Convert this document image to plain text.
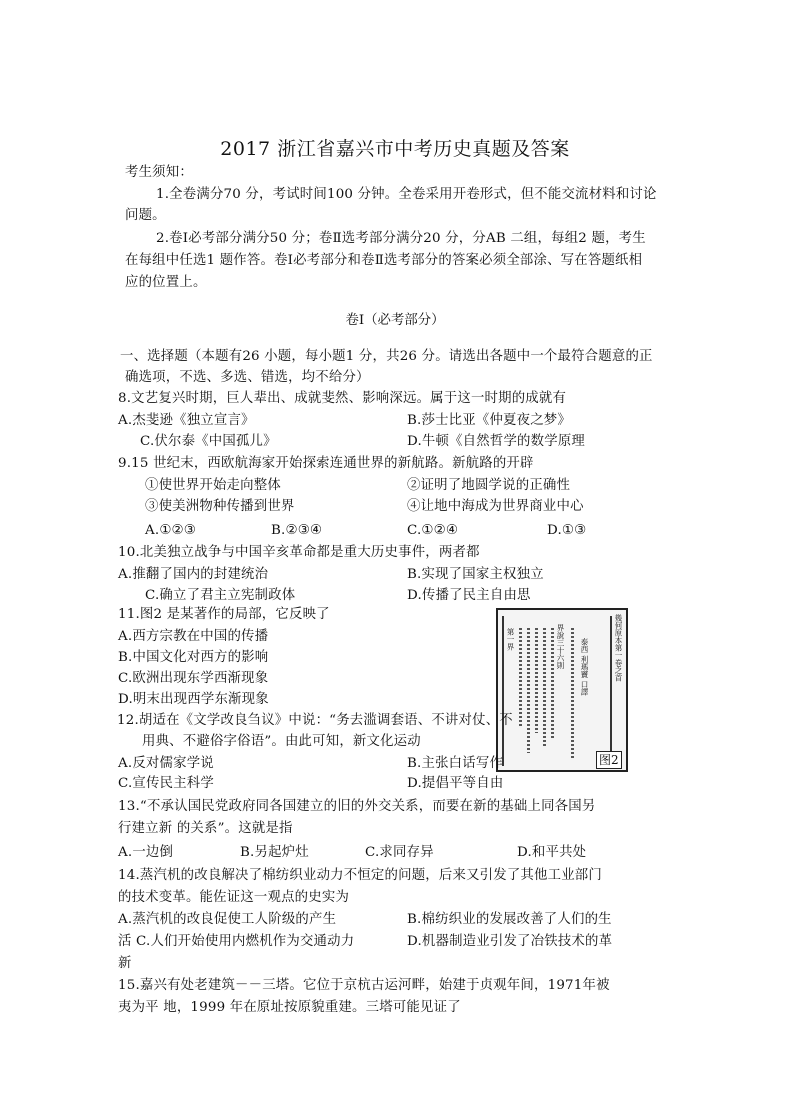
2017 浙江省嘉兴市中考历史真题及答案
考生须知：
1.全卷满分70 分，考试时间100 分钟。全卷采用开卷形式，但不能交流材料和讨论
问题。
2.卷Ⅰ必考部分满分50 分；卷Ⅱ选考部分满分20 分，分AB 二组，每组2 题，考生
在每组中任选1 题作答。卷Ⅰ必考部分和卷Ⅱ选考部分的答案必须全部涂、写在答题纸相
应的位置上。
卷Ⅰ（必考部分）
一、选择题（本题有26 小题，每小题1 分，共26 分。请选出各题中一个最符合题意的正
确选项，不选、多选、错选，均不给分）
8.文艺复兴时期，巨人辈出、成就斐然、影响深远。属于这一时期的成就有
A.杰斐逊《独立宣言》	B.莎士比亚《仲夏夜之梦》
C.伏尔泰《中国孤儿》	D.牛顿《自然哲学的数学原理
9.15 世纪末，西欧航海家开始探索连通世界的新航路。新航路的开辟
①使世界开始走向整体	②证明了地圆学说的正确性
③使美洲物种传播到世界	④让地中海成为世界商业中心
A.①②③	B.②③④	C.①②④	D.①③
10.北美独立战争与中国辛亥革命都是重大历史事件，两者都
A.推翻了国内的封建统治	B.实现了国家主权独立
C.确立了君主立宪制政体	D.传播了民主自由思
11.图2 是某著作的局部，它反映了
A.西方宗教在中国的传播
B.中国文化对西方的影响
C.欧洲出现东学西渐现象
D.明末出现西学东渐现象
幾何原本第一卷之首
泰西 利瑪竇 口譯
界說三十六則
第一界
图2
12.胡适在《文学改良刍议》中说：“务去滥调套语、不讲对仗、不
用典、不避俗字俗语”。由此可知，新文化运动
A.反对儒家学说	B.主张白话写作
C.宣传民主科学	D.提倡平等自由
13.“不承认国民党政府同各国建立的旧的外交关系，而要在新的基础上同各国另
行建立新 的关系”。这就是指
A.一边倒	B.另起炉灶	C.求同存异	D.和平共处
14.蒸汽机的改良解决了棉纺织业动力不恒定的问题，后来又引发了其他工业部门
的技术变革。能佐证这一观点的史实为
A.蒸汽机的改良促使工人阶级的产生	B.棉纺织业的发展改善了人们的生
活 C.人们开始使用内燃机作为交通动力	D.机器制造业引发了冶铁技术的革
新
15.嘉兴有处老建筑－－三塔。它位于京杭古运河畔，始建于贞观年间，1971年被
夷为平 地，1999 年在原址按原貌重建。三塔可能见证了
